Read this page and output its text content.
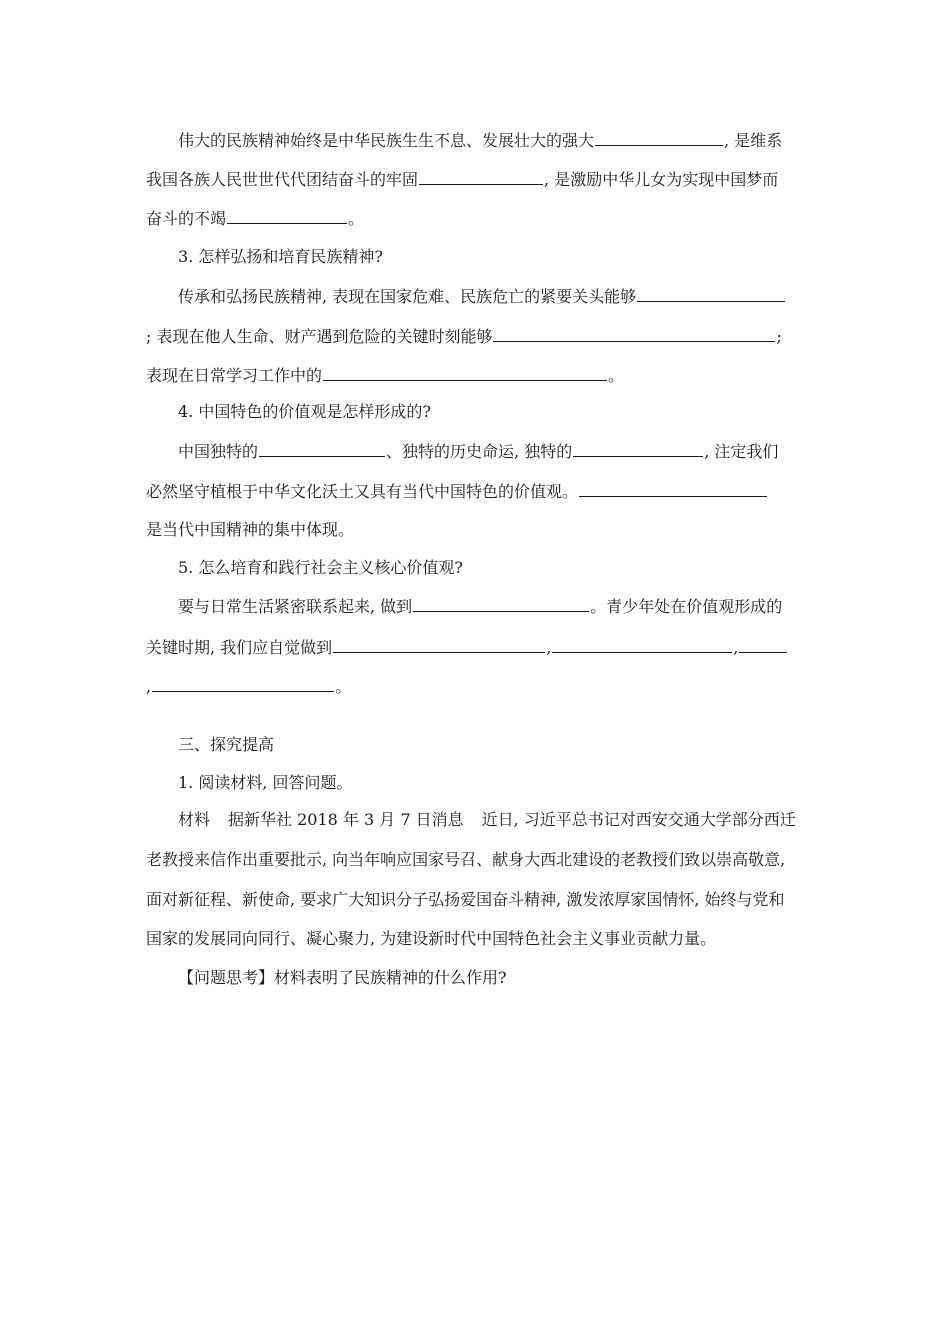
伟大的民族精神始终是中华民族生生不息、发展壮大的强大	, 是维系
我国各族人民世世代代团结奋斗的牢固	, 是激励中华儿女为实现中国梦而
奋斗的不竭	。
3. 怎样弘扬和培育民族精神?
传承和弘扬民族精神, 表现在国家危难、民族危亡的紧要关头能够
; 表现在他人生命、财产遇到危险的关键时刻能够	;
表现在日常学习工作中的	。
4. 中国特色的价值观是怎样形成的?
中国独特的	、独特的历史命运, 独特的	, 注定我们
必然坚守植根于中华文化沃土又具有当代中国特色的价值观。
是当代中国精神的集中体现。
5. 怎么培育和践行社会主义核心价值观?
要与日常生活紧密联系起来, 做到	。青少年处在价值观形成的
关键时期, 我们应自觉做到	,	,
,	。
三、探究提高
1. 阅读材料, 回答问题。
材料 据新华社 2018 年 3 月 7 日消息 近日, 习近平总书记对西安交通大学部分西迁
老教授来信作出重要批示, 向当年响应国家号召、献身大西北建设的老教授们致以崇高敬意,
面对新征程、新使命, 要求广大知识分子弘扬爱国奋斗精神, 激发浓厚家国情怀, 始终与党和
国家的发展同向同行、凝心聚力, 为建设新时代中国特色社会主义事业贡献力量。
【问题思考】材料表明了民族精神的什么作用?
